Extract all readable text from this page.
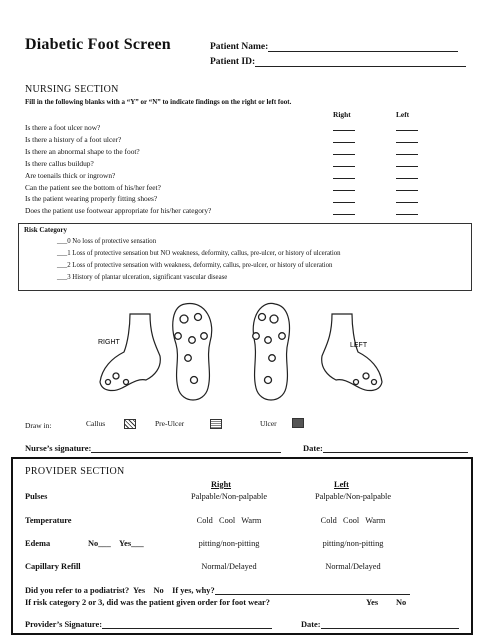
Diabetic Foot Screen	Patient Name:
Patient ID:
NURSING SECTION
Fill in the following blanks with a “Y” or “N” to indicate findings on the right or left foot.
Right	Left
Is there a foot ulcer now?
Is there a history of a foot ulcer?
Is there an abnormal shape to the foot?
Is there callus buildup?
Are toenails thick or ingrown?
Can the patient see the bottom of his/her feet?
Is the patient wearing properly fitting shoes?
Does the patient use footwear appropriate for his/her category?
Risk Category
___0 No loss of protective sensation
___1 Loss of protective sensation but NO weakness, deformity, callus, pre-ulcer, or history of ulceration
___2 Loss of protective sensation with weakness, deformity, callus, pre-ulcer, or history of ulceration
___3 History of plantar ulceration, significant vascular disease
RIGHT	LEFT
Draw in:	Callus	Pre-Ulcer	Ulcer
Nurse’s signature:	Date:
PROVIDER SECTION
Right	Left
Pulses	Palpable/Non-palpable	Palpable/Non-palpable
Temperature	Cold   Cool   Warm	Cold   Cool   Warm
Edema	No___ Yes___	pitting/non-pitting	pitting/non-pitting
Capillary Refill	Normal/Delayed	Normal/Delayed
Did you refer to a podiatrist?  Yes    No    If yes, why?
If risk category 2 or 3, did was the patient given order for foot wear?	Yes No
Provider’s Signature:	Date:
